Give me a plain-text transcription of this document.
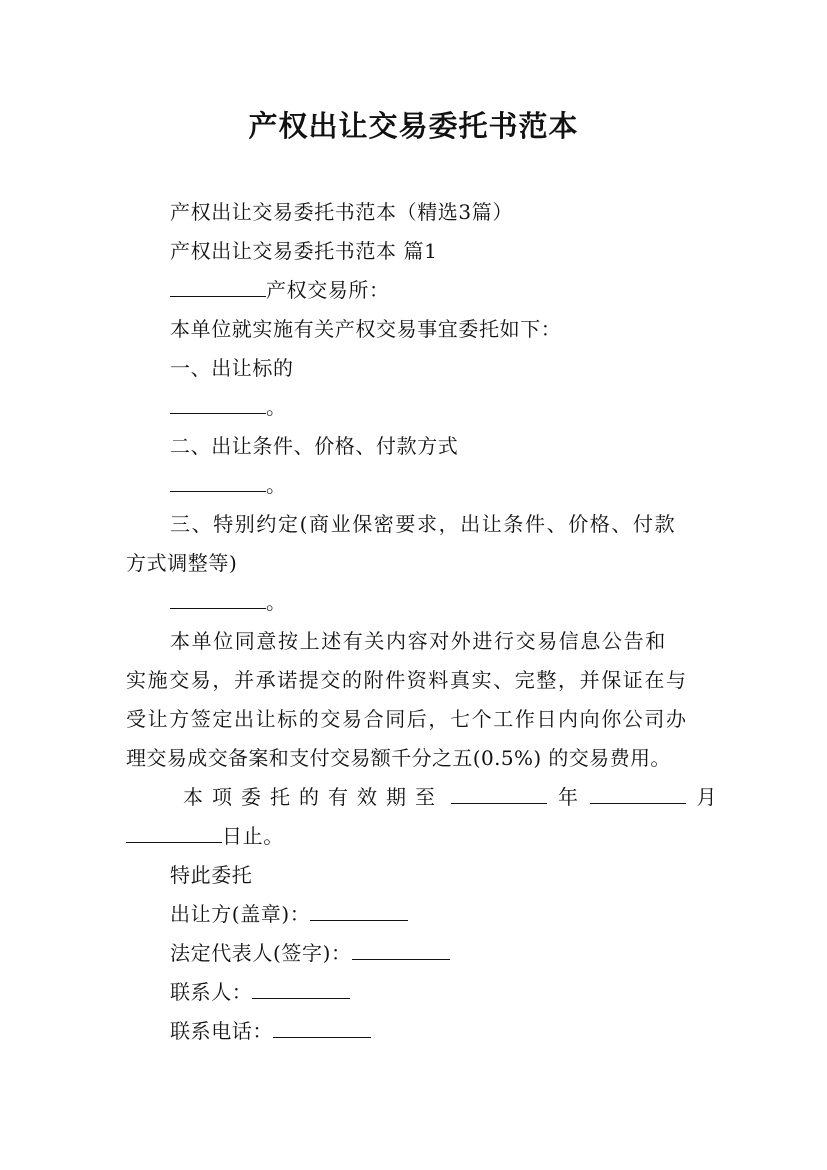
产权出让交易委托书范本
产权出让交易委托书范本（精选3篇）
产权出让交易委托书范本 篇1
产权交易所：
本单位就实施有关产权交易事宜委托如下：
一、出让标的
。
二、出让条件、价格、付款方式
。
三、特别约定(商业保密要求，出让条件、价格、付款
方式调整等)
。
本单位同意按上述有关内容对外进行交易信息公告和
实施交易，并承诺提交的附件资料真实、完整，并保证在与
受让方签定出让标的交易合同后，七个工作日内向你公司办
理交易成交备案和支付交易额千分之五(0.5%) 的交易费用。
本项委托的有效期至	年	月
日止。
特此委托
出让方(盖章)：
法定代表人(签字)：
联系人：
联系电话：
